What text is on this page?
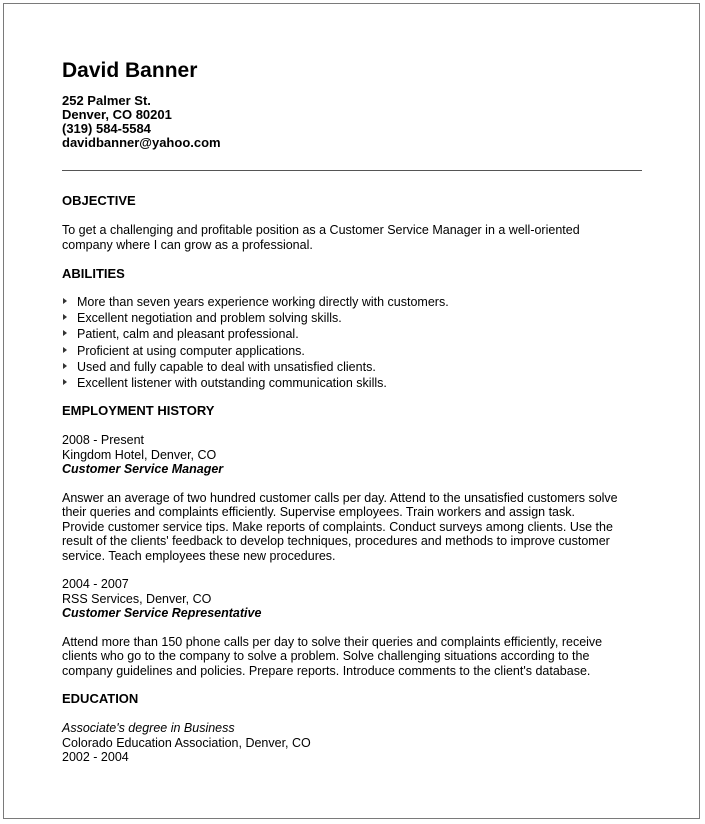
David Banner
252 Palmer St.
Denver, CO 80201
(319) 584-5584
davidbanner@yahoo.com
OBJECTIVE
To get a challenging and profitable position as a Customer Service Manager in a well-oriented
company where I can grow as a professional.
ABILITIES
More than seven years experience working directly with customers.
Excellent negotiation and problem solving skills.
Patient, calm and pleasant professional.
Proficient at using computer applications.
Used and fully capable to deal with unsatisfied clients.
Excellent listener with outstanding communication skills.
EMPLOYMENT HISTORY
2008 - Present
Kingdom Hotel, Denver, CO
Customer Service Manager
Answer an average of two hundred customer calls per day. Attend to the unsatisfied customers solve
their queries and complaints efficiently. Supervise employees. Train workers and assign task.
Provide customer service tips. Make reports of complaints. Conduct surveys among clients. Use the
result of the clients' feedback to develop techniques, procedures and methods to improve customer
service. Teach employees these new procedures.
2004 - 2007
RSS Services, Denver, CO
Customer Service Representative
Attend more than 150 phone calls per day to solve their queries and complaints efficiently, receive
clients who go to the company to solve a problem. Solve challenging situations according to the
company guidelines and policies. Prepare reports. Introduce comments to the client's database.
EDUCATION
Associate's degree in Business
Colorado Education Association, Denver, CO
2002 - 2004
